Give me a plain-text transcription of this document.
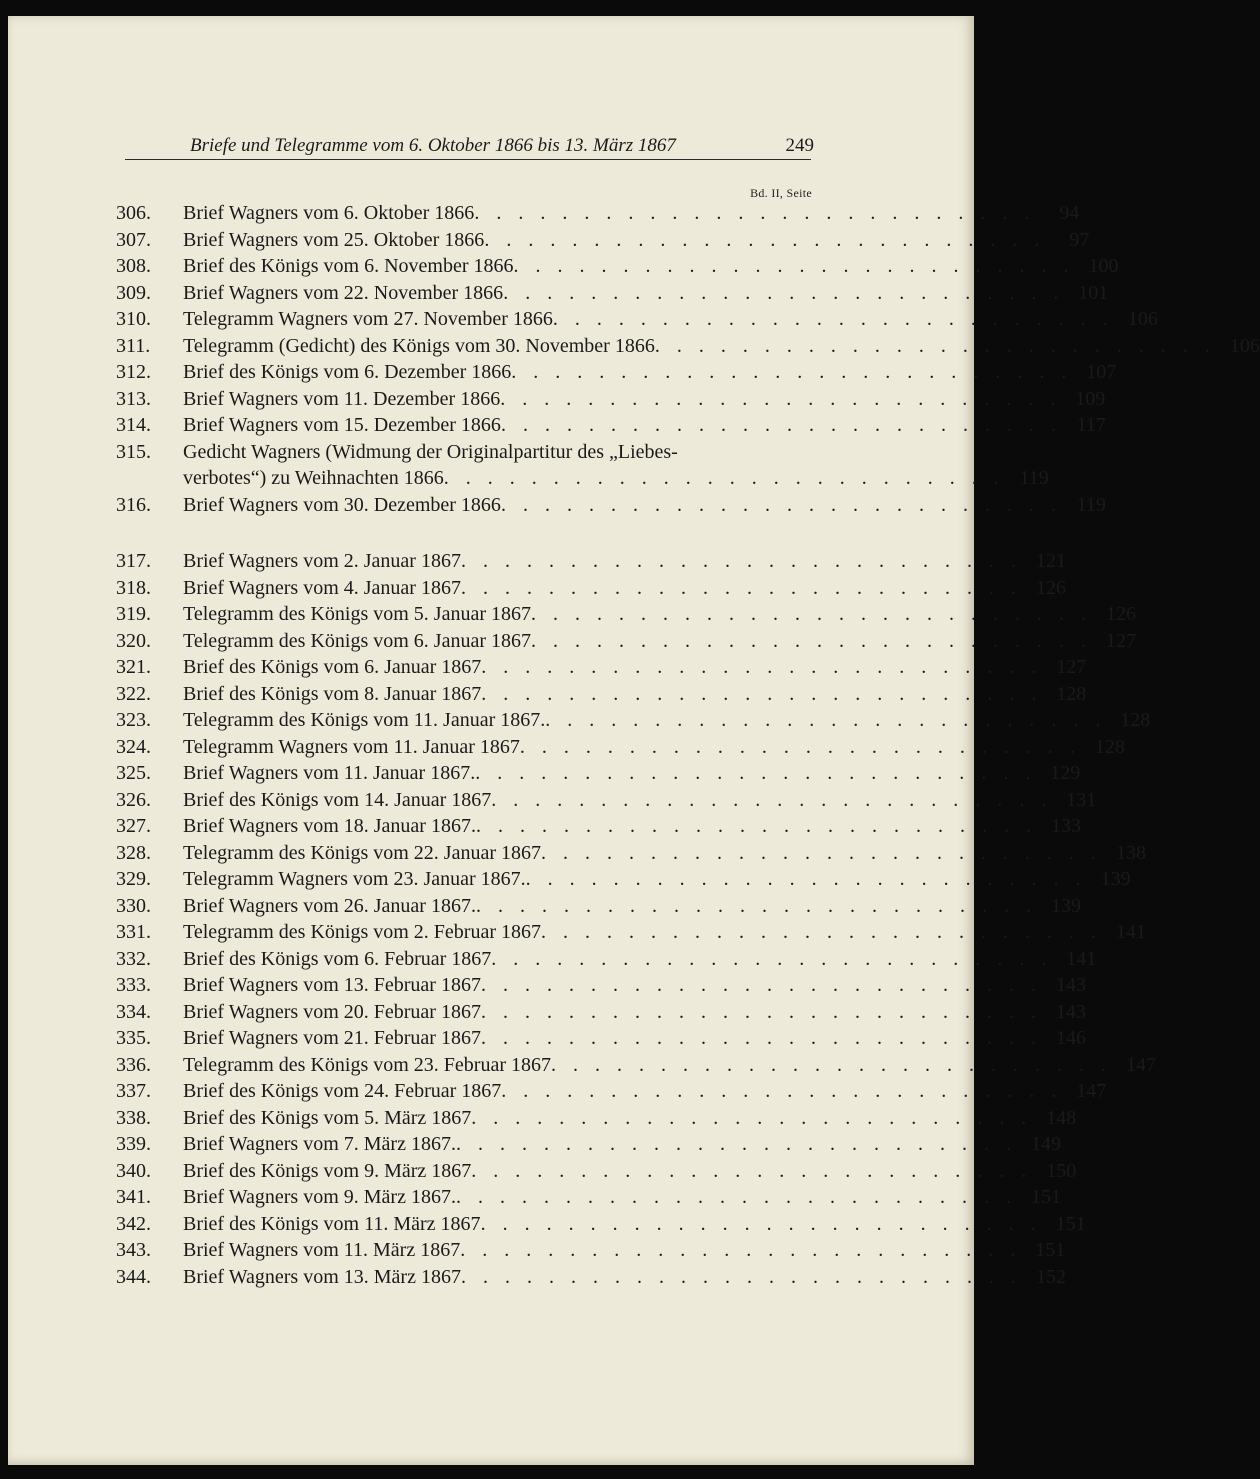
Briefe und Telegramme vom 6. Oktober 1866 bis 13. März 1867	249
Bd. II, Seite
306.	Brief Wagners vom 6. Oktober 1866 . . . . . . . . . . . . . . . . . . . . . . . . . .	94
307.	Brief Wagners vom 25. Oktober 1866 . . . . . . . . . . . . . . . . . . . . . . . . . .	97
308.	Brief des Königs vom 6. November 1866 . . . . . . . . . . . . . . . . . . . . . . . . . . 100
309.	Brief Wagners vom 22. November 1866 . . . . . . . . . . . . . . . . . . . . . . . . . . 101
310.	Telegramm Wagners vom 27. November 1866 . . . . . . . . . . . . . . . . . . . . . . . . . . 106
311.	Telegramm (Gedicht) des Königs vom 30. November 1866 . . . . . . . . . . . . . . . . . . . . . . . . . . 106
312.	Brief des Königs vom 6. Dezember 1866 . . . . . . . . . . . . . . . . . . . . . . . . . . 107
313.	Brief Wagners vom 11. Dezember 1866 . . . . . . . . . . . . . . . . . . . . . . . . . . 109
314.	Brief Wagners vom 15. Dezember 1866 . . . . . . . . . . . . . . . . . . . . . . . . . . 117
315.	Gedicht Wagners (Widmung der Originalpartitur des „Liebes-
verbotes“) zu Weihnachten 1866 . . . . . . . . . . . . . . . . . . . . . . . . . . 119
316.	Brief Wagners vom 30. Dezember 1866 . . . . . . . . . . . . . . . . . . . . . . . . . . 119
317.	Brief Wagners vom 2. Januar 1867 . . . . . . . . . . . . . . . . . . . . . . . . . . 121
318.	Brief Wagners vom 4. Januar 1867 . . . . . . . . . . . . . . . . . . . . . . . . . . 126
319.	Telegramm des Königs vom 5. Januar 1867 . . . . . . . . . . . . . . . . . . . . . . . . . . 126
320.	Telegramm des Königs vom 6. Januar 1867 . . . . . . . . . . . . . . . . . . . . . . . . . . 127
321.	Brief des Königs vom 6. Januar 1867 . . . . . . . . . . . . . . . . . . . . . . . . . . 127
322.	Brief des Königs vom 8. Januar 1867 . . . . . . . . . . . . . . . . . . . . . . . . . . 128
323.	Telegramm des Königs vom 11. Januar 1867. . . . . . . . . . . . . . . . . . . . . . . . . . . 128
324.	Telegramm Wagners vom 11. Januar 1867 . . . . . . . . . . . . . . . . . . . . . . . . . . 128
325.	Brief Wagners vom 11. Januar 1867. . . . . . . . . . . . . . . . . . . . . . . . . . . 129
326.	Brief des Königs vom 14. Januar 1867 . . . . . . . . . . . . . . . . . . . . . . . . . . 131
327.	Brief Wagners vom 18. Januar 1867. . . . . . . . . . . . . . . . . . . . . . . . . . . 133
328.	Telegramm des Königs vom 22. Januar 1867 . . . . . . . . . . . . . . . . . . . . . . . . . . 138
329.	Telegramm Wagners vom 23. Januar 1867. . . . . . . . . . . . . . . . . . . . . . . . . . . 139
330.	Brief Wagners vom 26. Januar 1867. . . . . . . . . . . . . . . . . . . . . . . . . . . 139
331.	Telegramm des Königs vom 2. Februar 1867 . . . . . . . . . . . . . . . . . . . . . . . . . . 141
332.	Brief des Königs vom 6. Februar 1867 . . . . . . . . . . . . . . . . . . . . . . . . . . 141
333.	Brief Wagners vom 13. Februar 1867 . . . . . . . . . . . . . . . . . . . . . . . . . . 143
334.	Brief Wagners vom 20. Februar 1867 . . . . . . . . . . . . . . . . . . . . . . . . . . 143
335.	Brief Wagners vom 21. Februar 1867 . . . . . . . . . . . . . . . . . . . . . . . . . . 146
336.	Telegramm des Königs vom 23. Februar 1867 . . . . . . . . . . . . . . . . . . . . . . . . . . 147
337.	Brief des Königs vom 24. Februar 1867 . . . . . . . . . . . . . . . . . . . . . . . . . . 147
338.	Brief des Königs vom 5. März 1867 . . . . . . . . . . . . . . . . . . . . . . . . . . 148
339.	Brief Wagners vom 7. März 1867. . . . . . . . . . . . . . . . . . . . . . . . . . . 149
340.	Brief des Königs vom 9. März 1867 . . . . . . . . . . . . . . . . . . . . . . . . . . 150
341.	Brief Wagners vom 9. März 1867. . . . . . . . . . . . . . . . . . . . . . . . . . . 151
342.	Brief des Königs vom 11. März 1867 . . . . . . . . . . . . . . . . . . . . . . . . . . 151
343.	Brief Wagners vom 11. März 1867 . . . . . . . . . . . . . . . . . . . . . . . . . . 151
344.	Brief Wagners vom 13. März 1867 . . . . . . . . . . . . . . . . . . . . . . . . . . 152
